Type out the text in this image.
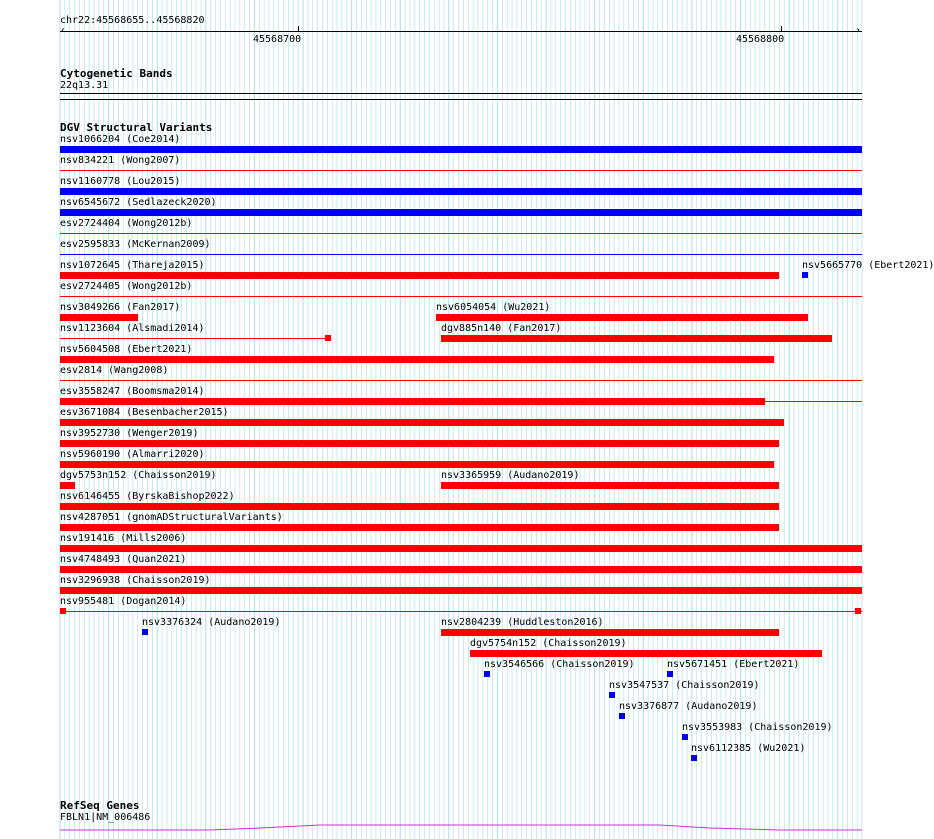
chr22:45568655..45568820
‹	›
45568700	45568800
Cytogenetic Bands
22q13.31
DGV Structural Variants
nsv1066204 (Coe2014)
nsv834221 (Wong2007)
nsv1160778 (Lou2015)
nsv6545672 (Sedlazeck2020)
esv2724404 (Wong2012b)
esv2595833 (McKernan2009)
nsv1072645 (Thareja2015)	nsv5665770 (Ebert2021)
esv2724405 (Wong2012b)
nsv3049266 (Fan2017)	nsv6054054 (Wu2021)
nsv1123604 (Alsmadi2014)	dgv885n140 (Fan2017)
nsv5604508 (Ebert2021)
esv2814 (Wang2008)
esv3558247 (Boomsma2014)
esv3671084 (Besenbacher2015)
nsv3952730 (Wenger2019)
nsv5960190 (Almarri2020)
dgv5753n152 (Chaisson2019)	nsv3365959 (Audano2019)
nsv6146455 (ByrskaBishop2022)
nsv4287051 (gnomADStructuralVariants)
nsv191416 (Mills2006)
nsv4748493 (Quan2021)
nsv3296938 (Chaisson2019)
nsv955481 (Dogan2014)
nsv3376324 (Audano2019)	nsv2804239 (Huddleston2016)
dgv5754n152 (Chaisson2019)
nsv3546566 (Chaisson2019)	nsv5671451 (Ebert2021)
nsv3547537 (Chaisson2019)
nsv3376877 (Audano2019)
nsv3553983 (Chaisson2019)
nsv6112385 (Wu2021)
RefSeq Genes
FBLN1|NM_006486
